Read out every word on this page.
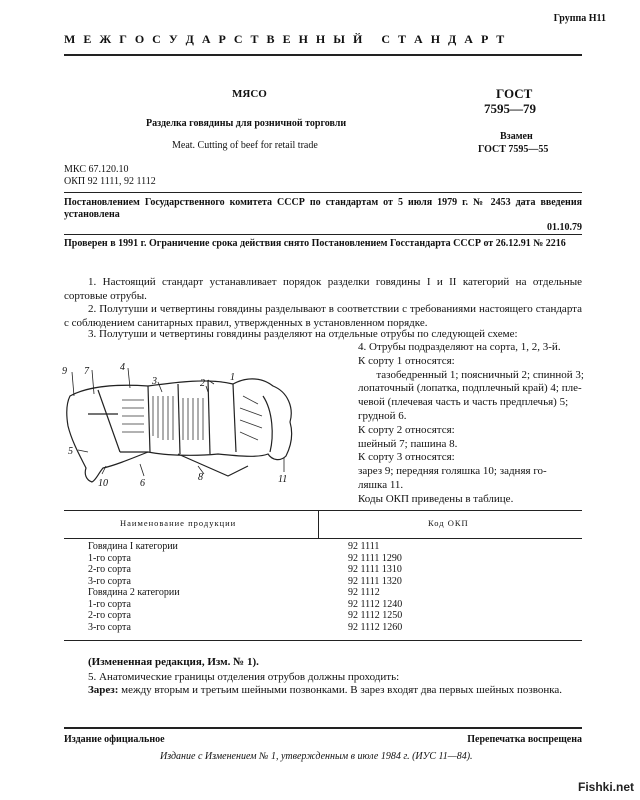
Группа Н11
М Е Ж Г О С У Д А Р С Т В Е Н Н Ы Й   С Т А Н Д А Р Т
МЯСО
Разделка говядины для розничной торговли
Meat. Cutting of beef for retail trade
ГОСТ
7595—79
Взамен
ГОСТ 7595—55
МКС 67.120.10
ОКП 92 1111, 92 1112
Постановлением Государственного комитета СССР по стандартам от 5 июля 1979 г. № 2453 дата введения установлена
01.10.79
Проверен в 1991 г. Ограничение срока действия снято Постановлением Госстандарта СССР от 26.12.91 № 2216
1. Настоящий стандарт устанавливает порядок разделки говядины I и II категорий на отдельные сортовые отрубы.
2. Полутуши и четвертины говядины разделывают в соответствии с требованиями настоящего стандарта с соблюдением санитарных правил, утвержденных в установленном порядке.
3. Полутуши и четвертины говядины разделяют на отдельные отрубы по следующей схеме:
9 7	4
3	1
2
5
10	6
8	11
4. Отрубы подразделяют на сорта, 1, 2, 3-й.
К сорту 1 относятся:
тазобедренный 1; поясничный 2; спинной 3;
лопаточный (лопатка, подплечный край) 4; пле-
чевой (плечевая часть и часть предплечья) 5;
грудной 6.
К сорту 2 относятся:
шейный 7; пашина 8.
К сорту 3 относятся:
зарез 9; передняя голяшка 10; задняя го-
ляшка 11.
Коды ОКП приведены в таблице.
Наименование продукции	Код ОКП
Говядина I категории	92 1111
1-го сорта	92 1111 1290
2-го сорта	92 1111 1310
3-го сорта	92 1111 1320
Говядина 2 категории	92 1112
1-го сорта	92 1112 1240
2-го сорта	92 1112 1250
3-го сорта	92 1112 1260
(Измененная редакция, Изм. № 1).
5. Анатомические границы отделения отрубов должны проходить:
Зарез: между вторым и третьим шейными позвонками. В зарез входят два первых шейных позвонка.
Издание официальное	Перепечатка воспрещена
Издание с Изменением № 1, утвержденным в июле 1984 г. (ИУС 11—84).
Fishki.net
